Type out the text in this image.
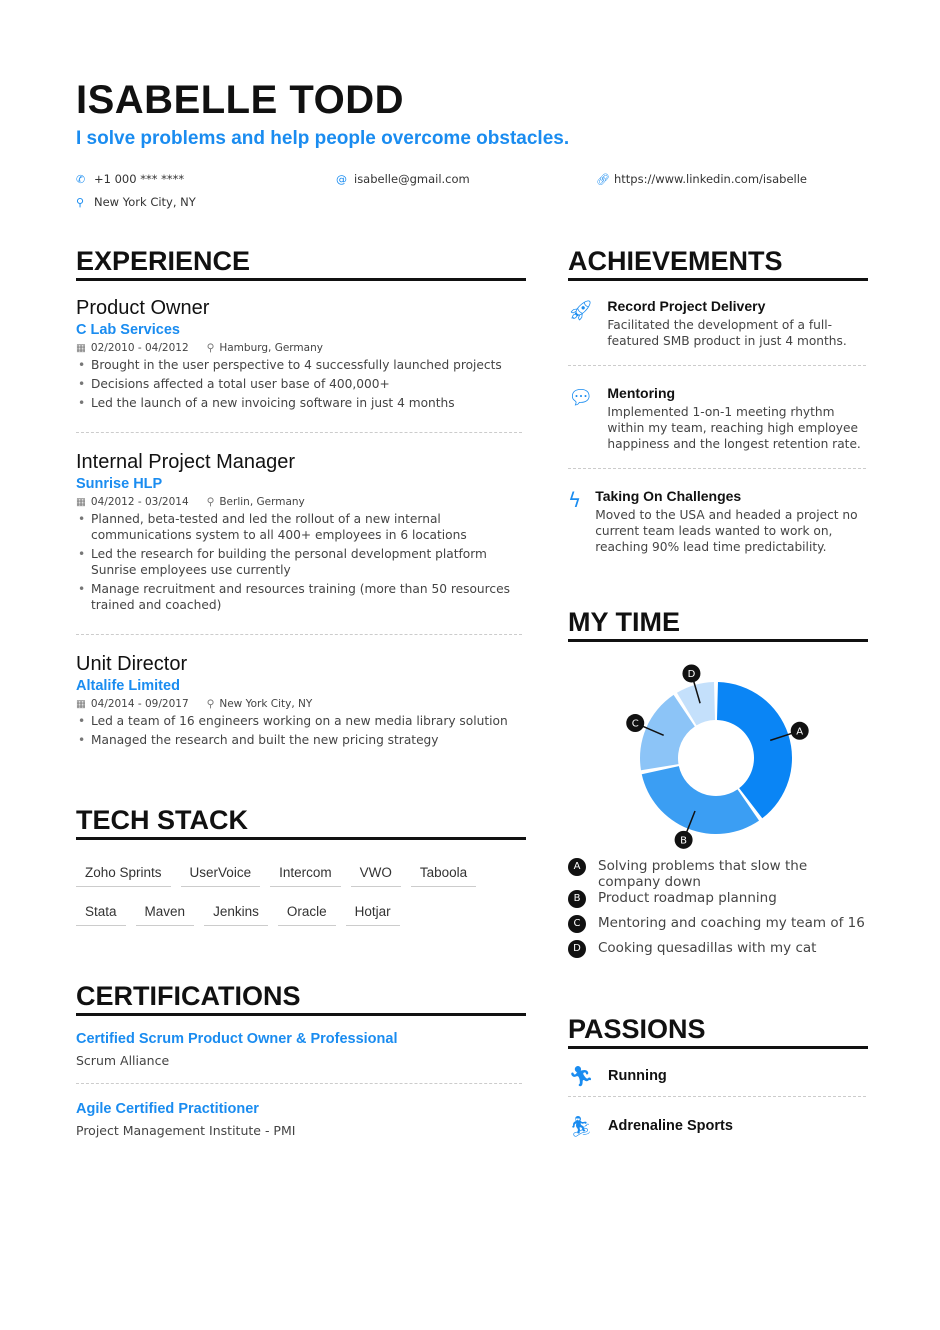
ISABELLE TODD
I solve problems and help people overcome obstacles.
✆ +1 000 *** ****	@ isabelle@gmail.com	🔗︎ https://www.linkedin.com/isabelle
⚲ New York City, NY
EXPERIENCE	ACHIEVEMENTS
Product Owner
C Lab Services
▦ 02/2010 - 04/2012 ⚲ Hamburg, Germany
• Brought in the user perspective to 4 successfully launched projects
• Decisions affected a total user base of 400,000+
• Led the launch of a new invoicing software in just 4 months
Internal Project Manager
Sunrise HLP
▦ 04/2012 - 03/2014 ⚲ Berlin, Germany
• Planned, beta-tested and led the rollout of a new internal communications system to all 400+ employees in 6 locations
• Led the research for building the personal development platform Sunrise employees use currently
• Manage recruitment and resources training (more than 50 resources trained and coached)
Unit Director
Altalife Limited
▦ 04/2014 - 09/2017 ⚲ New York City, NY
• Led a team of 16 engineers working on a new media library solution
• Managed the research and built the new pricing strategy
🚀︎ Record Project Delivery

Facilitated the development of a full-featured SMB product in just 4 months.

💬︎ Mentoring

Implemented 1-on-1 meeting rhythm within my team, reaching high employee happiness and the longest retention rate.

ϟ Taking On Challenges

Moved to the USA and headed a project no current team leads wanted to work on, reaching 90% lead time predictability.

TECH STACK
Zoho Sprints	UserVoice	Intercom	VWO	Taboola
Stata	Maven	Jenkins	Oracle	Hotjar
CERTIFICATIONS
Certified Scrum Product Owner & Professional
Scrum Alliance
Agile Certified Practitioner
Project Management Institute - PMI
MY TIME
A
B
C
D
A	Solving problems that slow the company down
B	Product roadmap planning
C	Mentoring and coaching my team of 16
D	Cooking quesadillas with my cat
PASSIONS
🏃︎ Running
🏂︎ Adrenaline Sports
